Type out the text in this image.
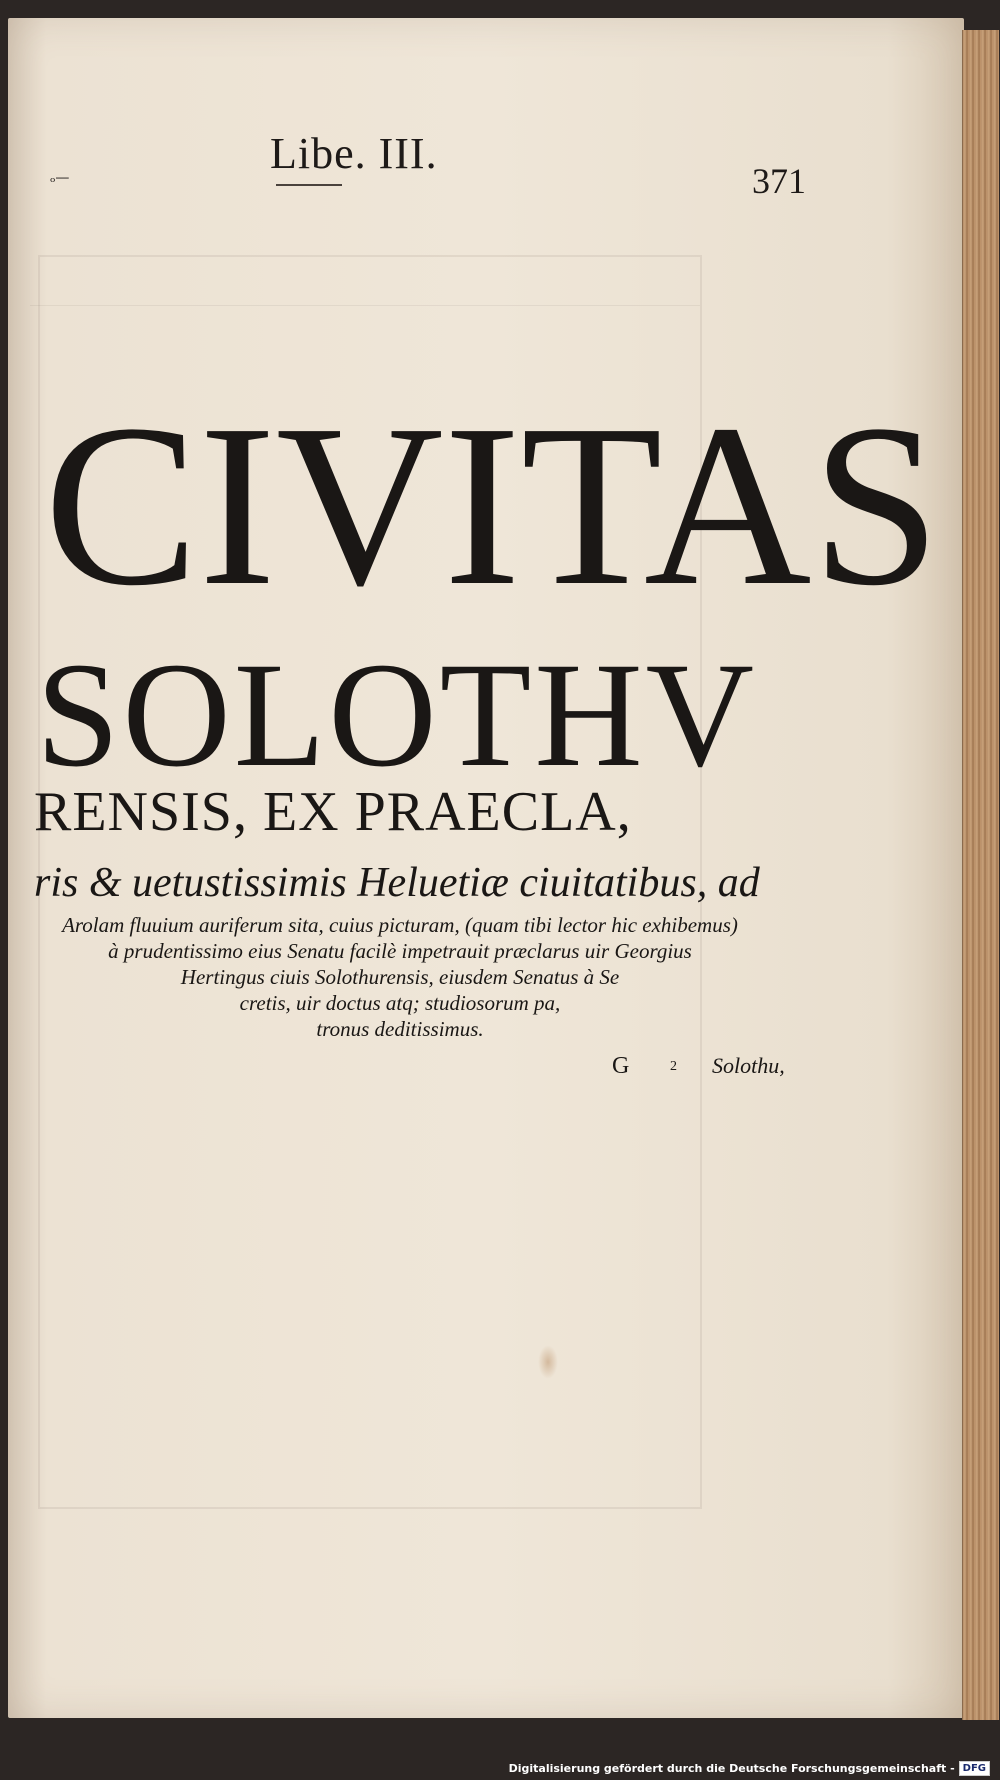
ₒ—	Libe. III.
371
CIVITAS
SOLOTHV
RENSIS, EX PRAECLA,
ris & uetustissimis Heluetiæ ciuitatibus, ad
Arolam fluuium auriferum sita, cuius picturam, (quam tibi lector hic exhibemus)
à prudentissimo eius Senatu facilè impetrauit præclarus uir Georgius
Hertingus ciuis Solothurensis, eiusdem Senatus à Se
cretis, uir doctus atq; studiosorum pa,
tronus deditissimus.
G	2 Solothu,
Digitalisierung gefördert durch die Deutsche Forschungsgemeinschaft - DFG
